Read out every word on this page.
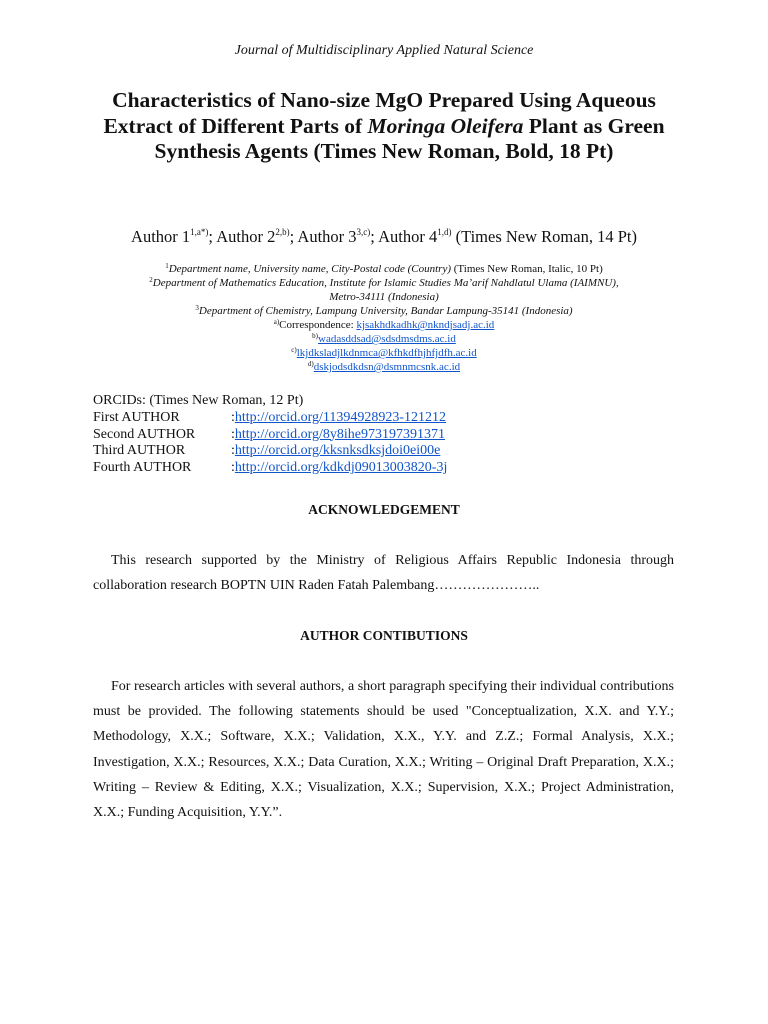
Journal of Multidisciplinary Applied Natural Science
Characteristics of Nano-size MgO Prepared Using Aqueous Extract of Different Parts of Moringa Oleifera Plant as Green Synthesis Agents (Times New Roman, Bold, 18 Pt)
Author $1^{1,a*)}$; Author 2$^{2,b)}$; Author 3$^{3,c)}$; Author 4$^{1,d)}$ (Times New Roman, 14 Pt)
$^1$Department name, University name, City-Postal code (Country) (Times New Roman, Italic, 10 Pt)
$^2$Department of Mathematics Education, Institute for Islamic Studies Ma’arif Nahdlatul Ulama (IAIMNU),
Metro-34111 (Indonesia)
$^3$Department of Chemistry, Lampung University, Bandar Lampung-35141 (Indonesia)
$^{a)}$Correspondence: kjsakhdkadhk@nkndjsadj.ac.id
$^{b)}$wadasddsad@sdsdmsdms.ac.id
$^{c)}$lkjdksladjlkdnmca@kfhkdfhjhfjdfh.ac.id
$^{d)}$dskjodsdkdsn@dsmnmcsnk.ac.id
ORCIDs: (Times New Roman, 12 Pt)
First AUTHOR	: http://orcid.org/11394928923-121212
Second AUTHOR	: http://orcid.org/8y8ihe973197391371
Third AUTHOR	: http://orcid.org/kksnksdksjdoi0ei00e
Fourth AUTHOR	: http://orcid.org/kdkdj09013003820-3j
ACKNOWLEDGEMENT
This research supported by the Ministry of Religious Affairs Republic Indonesia through collaboration research BOPTN UIN Raden Fatah Palembang…………………..
AUTHOR CONTIBUTIONS
For research articles with several authors, a short paragraph specifying their individual contributions must be provided. The following statements should be used "Conceptualization, X.X. and Y.Y.; Methodology, X.X.; Software, X.X.; Validation, X.X., Y.Y. and Z.Z.; Formal Analysis, X.X.; Investigation, X.X.; Resources, X.X.; Data Curation, X.X.; Writing – Original Draft Preparation, X.X.; Writing – Review & Editing, X.X.; Visualization, X.X.; Supervision, X.X.; Project Administration, X.X.; Funding Acquisition, Y.Y.”.
